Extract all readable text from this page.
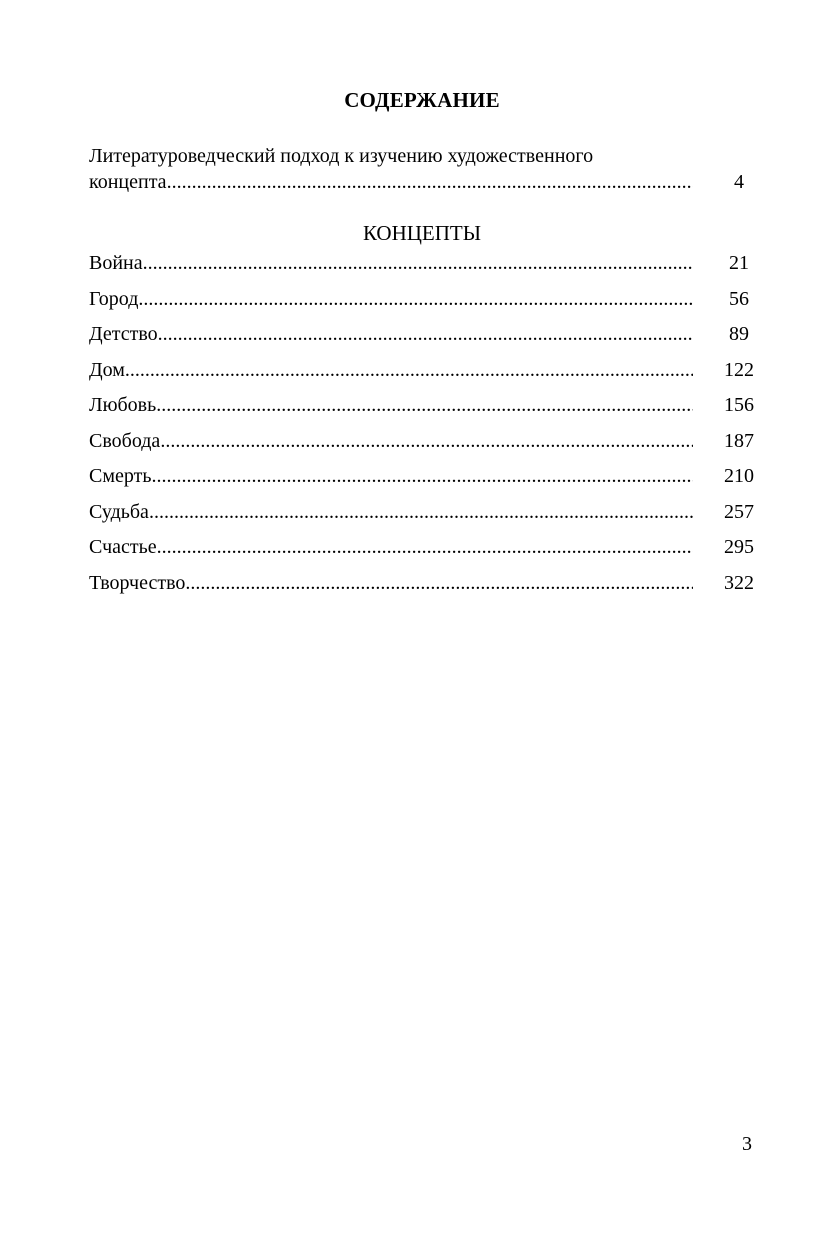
СОДЕРЖАНИЕ
Литературоведческий подход к изучению художественного
концепта .....	4
КОНЦЕПТЫ
Война .....	21
Город .....	56
Детство .....	89
Дом .....	122
Любовь .....	156
Свобода .....	187
Смерть .....	210
Судьба .....	257
Счастье .....	295
Творчество .....	322
3
